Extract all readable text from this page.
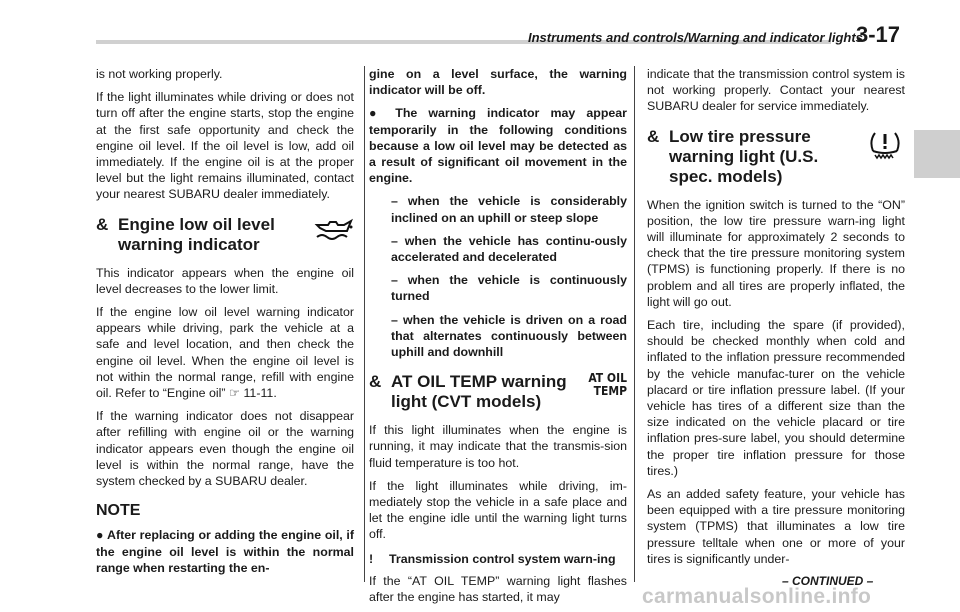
Instruments and controls/Warning and indicator lights
3-17

is not working properly.

If the light illuminates while driving or does not turn off after the engine starts, stop the engine at the first safe opportunity and check the engine oil level. If the oil level is low, add oil immediately. If the engine oil is at the proper level but the light remains illuminated, contact your nearest SUBARU dealer immediately.

& Engine low oil level warning indicator

This indicator appears when the engine oil level decreases to the lower limit.

If the engine low oil level warning indicator appears while driving, park the vehicle at a safe and level location, and then check the engine oil level. When the engine oil level is not within the normal range, refill with engine oil. Refer to “Engine oil” ☞ 11-11.

If the warning indicator does not disappear after refilling with engine oil or the warning indicator appears even though the engine oil level is within the normal range, have the system checked by a SUBARU dealer.

NOTE

● After replacing or adding the engine oil, if the engine oil level is within the normal range when restarting the en-

gine on a level surface, the warning indicator will be off.

● The warning indicator may appear temporarily in the following conditions because a low oil level may be detected as a result of significant oil movement in the engine.

– when the vehicle is considerably inclined on an uphill or steep slope

– when the vehicle has continu-ously accelerated and decelerated

– when the vehicle is continuously turned

– when the vehicle is driven on a road that alternates continuously between uphill and downhill

& AT OIL TEMP warning light (CVT models)
AT OIL
TEMP

If this light illuminates when the engine is running, it may indicate that the transmis-sion fluid temperature is too hot.

If the light illuminates while driving, im-mediately stop the vehicle in a safe place and let the engine idle until the warning light turns off.

!	Transmission control system warn-ing

If the “AT OIL TEMP” warning light flashes after the engine has started, it may

indicate that the transmission control system is not working properly. Contact your nearest SUBARU dealer for service immediately.

& Low tire pressure warning light (U.S. spec. models)

When the ignition switch is turned to the “ON” position, the low tire pressure warn-ing light will illuminate for approximately 2 seconds to check that the tire pressure monitoring system (TPMS) is functioning properly. If there is no problem and all tires are properly inflated, the light will go out.

Each tire, including the spare (if provided), should be checked monthly when cold and inflated to the inflation pressure recommended by the vehicle manufac-turer on the vehicle placard or tire inflation pressure label. (If your vehicle has tires of a different size than the size indicated on the vehicle placard or tire inflation pres-sure label, you should determine the proper tire inflation pressure for those tires.)

As an added safety feature, your vehicle has been equipped with a tire pressure monitoring system (TPMS) that illuminates a low tire pressure telltale when one or more of your tires is significantly under-

– CONTINUED –
carmanualsonline.info
